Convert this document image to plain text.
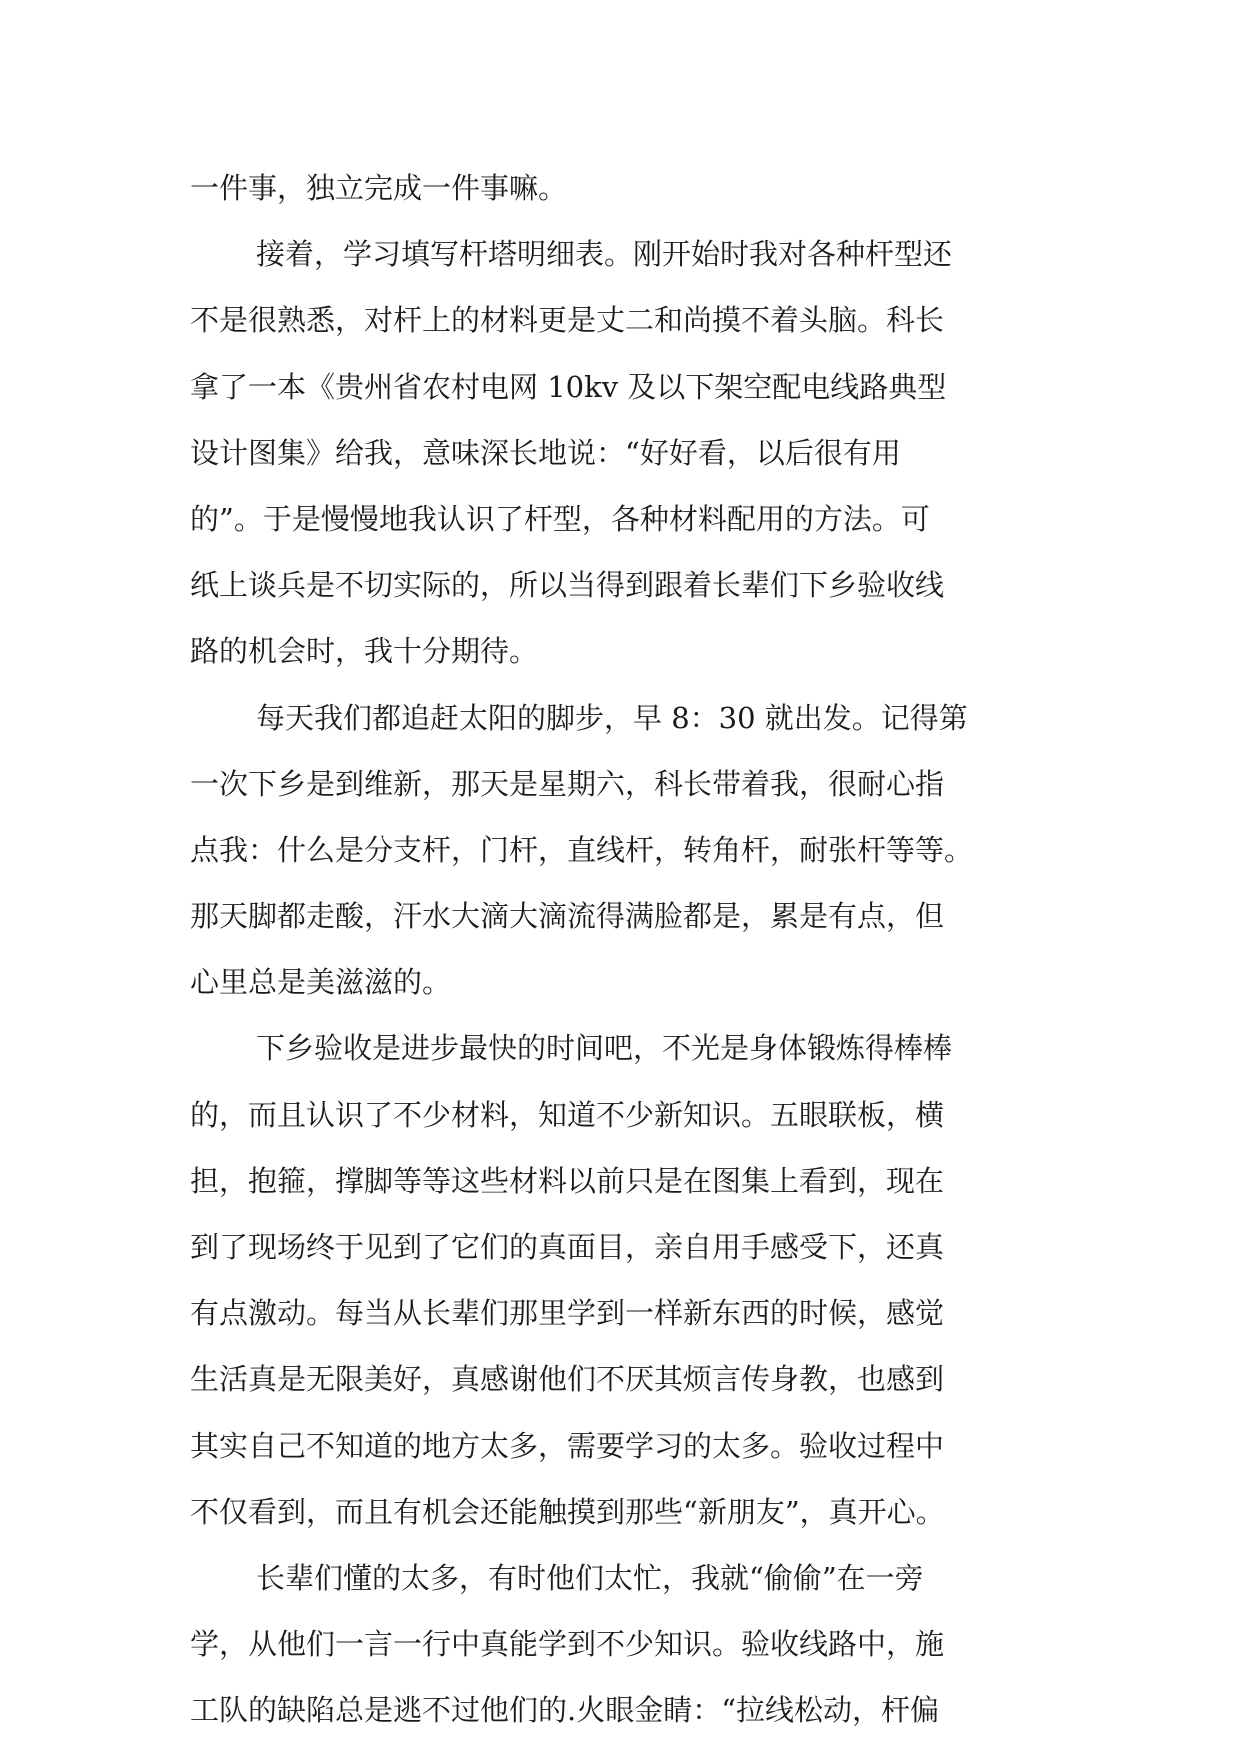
一件事，独立完成一件事嘛。
接着，学习填写杆塔明细表。刚开始时我对各种杆型还
不是很熟悉，对杆上的材料更是丈二和尚摸不着头脑。科长
拿了一本《贵州省农村电网 10kv 及以下架空配电线路典型
设计图集》给我，意味深长地说：“好好看，以后很有用
的”。于是慢慢地我认识了杆型，各种材料配用的方法。可
纸上谈兵是不切实际的，所以当得到跟着长辈们下乡验收线
路的机会时，我十分期待。
每天我们都追赶太阳的脚步，早 8：30 就出发。记得第
一次下乡是到维新，那天是星期六，科长带着我，很耐心指
点我：什么是分支杆，门杆，直线杆，转角杆，耐张杆等等。
那天脚都走酸，汗水大滴大滴流得满脸都是，累是有点，但
心里总是美滋滋的。
下乡验收是进步最快的时间吧，不光是身体锻炼得棒棒
的，而且认识了不少材料，知道不少新知识。五眼联板，横
担，抱箍，撑脚等等这些材料以前只是在图集上看到，现在
到了现场终于见到了它们的真面目，亲自用手感受下，还真
有点激动。每当从长辈们那里学到一样新东西的时候，感觉
生活真是无限美好，真感谢他们不厌其烦言传身教，也感到
其实自己不知道的地方太多，需要学习的太多。验收过程中
不仅看到，而且有机会还能触摸到那些“新朋友”，真开心。
长辈们懂的太多，有时他们太忙，我就“偷偷”在一旁
学，从他们一言一行中真能学到不少知识。验收线路中，施
工队的缺陷总是逃不过他们的.火眼金睛：“拉线松动，杆偏
